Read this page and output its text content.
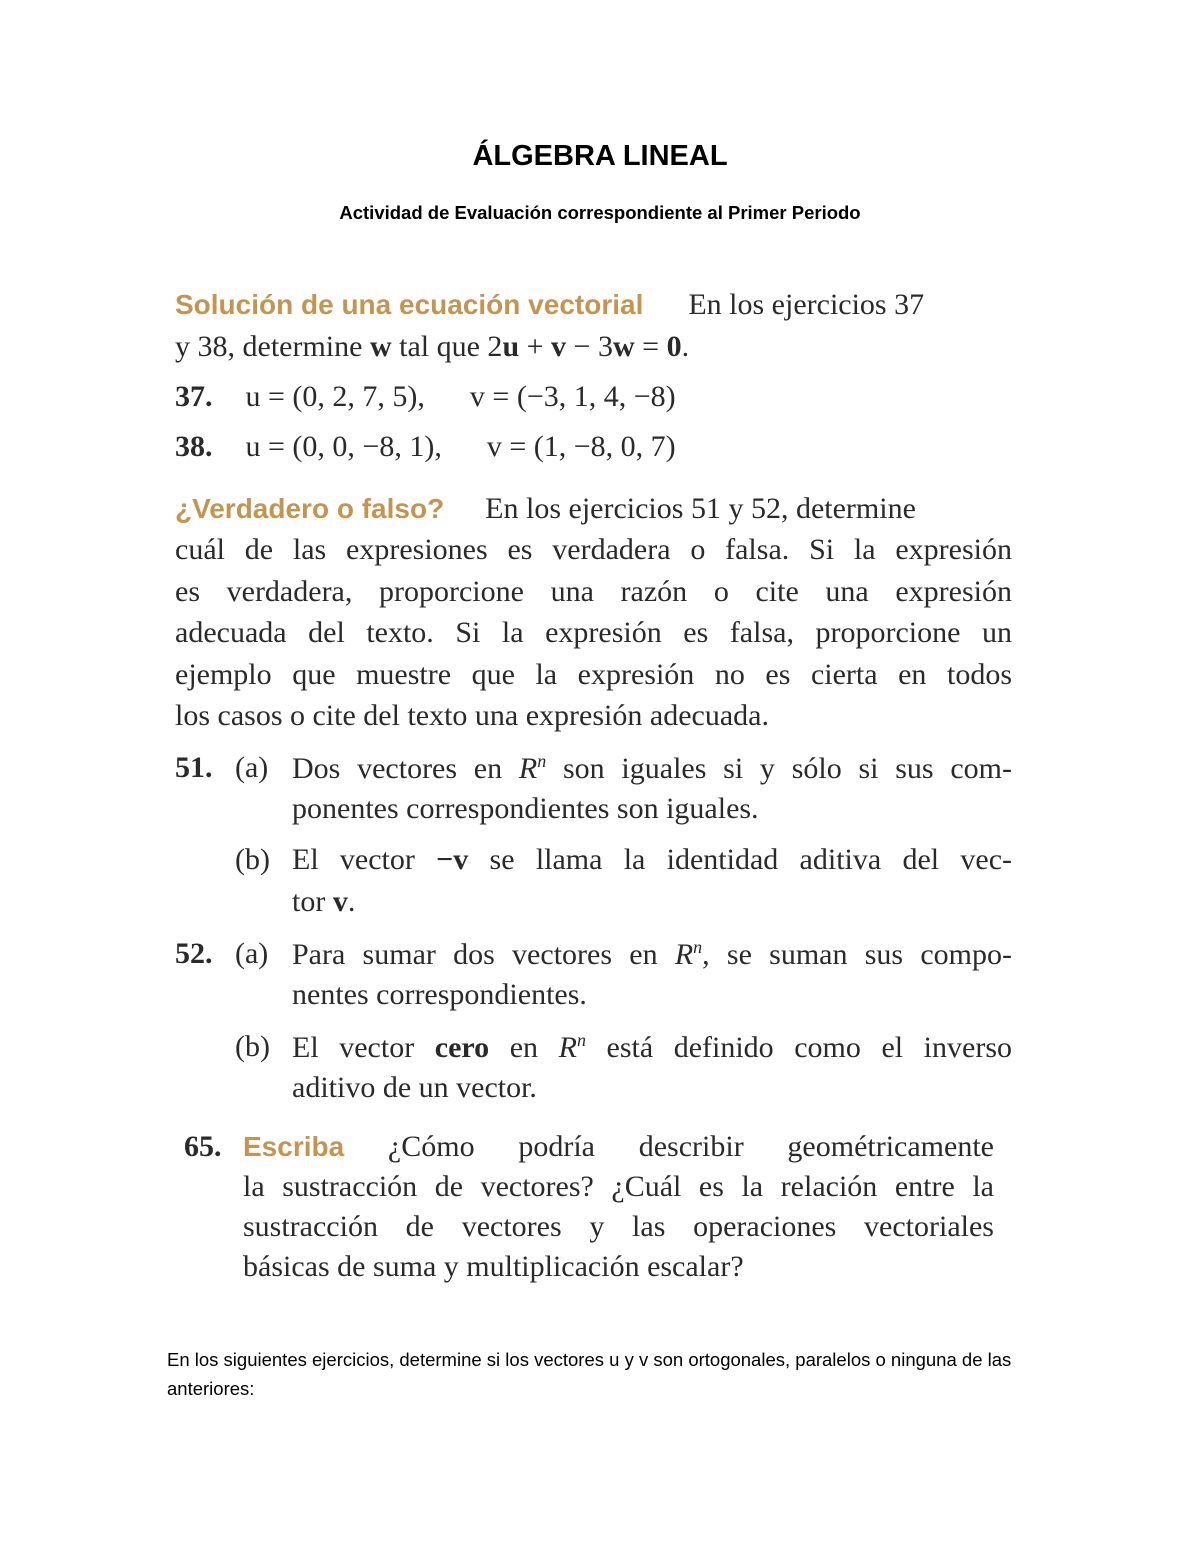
ÁLGEBRA LINEAL
Actividad de Evaluación correspondiente al Primer Periodo
Solución de una ecuación vectorial En los ejercicios 37
y 38, determine w tal que 2u + v − 3w = 0.
37. u = (0, 2, 7, 5), v = (−3, 1, 4, −8)
38. u = (0, 0, −8, 1), v = (1, −8, 0, 7)
¿Verdadero o falso? En los ejercicios 51 y 52, determine
cuál de las expresiones es verdadera o falsa. Si la expresión
es verdadera, proporcione una razón o cite una expresión
adecuada del texto. Si la expresión es falsa, proporcione un
ejemplo que muestre que la expresión no es cierta en todos
los casos o cite del texto una expresión adecuada.
51. (a) Dos vectores en $R^n$ son iguales si y sólo si sus com-
ponentes correspondientes son iguales.
(b) El vector −v se llama la identidad aditiva del vec-
tor v.
52. (a) Para sumar dos vectores en $R^n$, se suman sus compo-
nentes correspondientes.
(b) El vector cero en $R^n$ está definido como el inverso
aditivo de un vector.
65. Escriba ¿Cómo podría describir geométricamente
la sustracción de vectores? ¿Cuál es la relación entre la
sustracción de vectores y las operaciones vectoriales
básicas de suma y multiplicación escalar?
En los siguientes ejercicios, determine si los vectores u y v son ortogonales, paralelos o ninguna de las anteriores:
